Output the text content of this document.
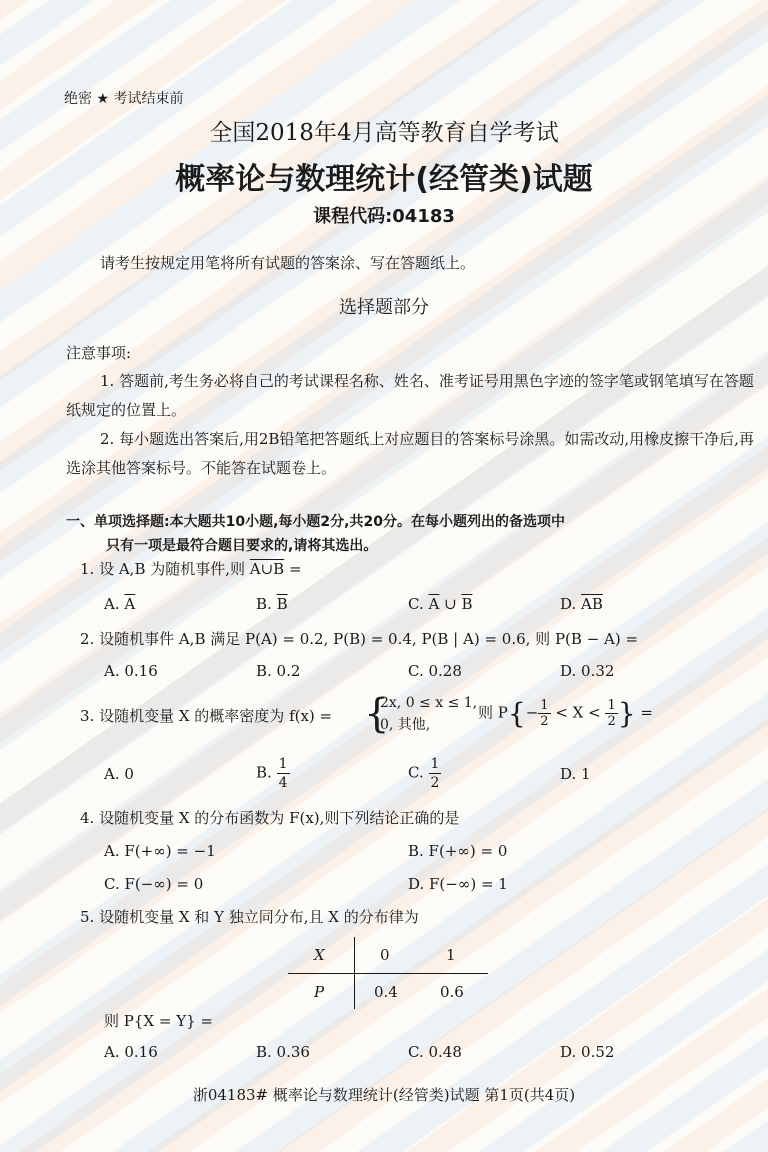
绝密 ★ 考试结束前
全国2018年4月高等教育自学考试
概率论与数理统计(经管类)试题
课程代码:04183
请考生按规定用笔将所有试题的答案涂、写在答题纸上。
选择题部分
注意事项:
1. 答题前,考生务必将自己的考试课程名称、姓名、准考证号用黑色字迹的签字笔或钢笔填写在答题纸规定的位置上。
2. 每小题选出答案后,用2B铅笔把答题纸上对应题目的答案标号涂黑。如需改动,用橡皮擦干净后,再选涂其他答案标号。不能答在试题卷上。
一、单项选择题:本大题共10小题,每小题2分,共20分。在每小题列出的备选项中
只有一项是最符合题目要求的,请将其选出。
1. 设 A,B 为随机事件,则 A∪B =
A. $\overline{A}$	B. $\overline{B}$	C. $\overline{A}$ ∪ $\overline{B}$	D. $\overline{AB}$
2. 设随机事件 A,B 满足 P(A) = 0.2, P(B) = 0.4, P(B | A) = 0.6, 则 P(B − A) =
A. 0.16	B. 0.2	C. 0.28	D. 0.32
3. 设随机变量 X 的概率密度为 f(x) = {
2x, 0 ≤ x ≤ 1,
0, 其他,
则 $P\{- \frac{1}{2} < X < \frac{1}{2}$ } =
A. 0	B. $\frac{1}{4}$	C. $\frac{1}{2}$	D. 1
4. 设随机变量 X 的分布函数为 F(x),则下列结论正确的是
A. F(+∞) = −1	B. F(+∞) = 0
C. F(−∞) = 0	D. F(−∞) = 1
5. 设随机变量 X 和 Y 独立同分布,且 X 的分布律为
X	0	1
P	0.4	0.6
则 P{X = Y} =
A. 0.16	B. 0.36	C. 0.48	D. 0.52
浙04183# 概率论与数理统计(经管类)试题 第1页(共4页)
